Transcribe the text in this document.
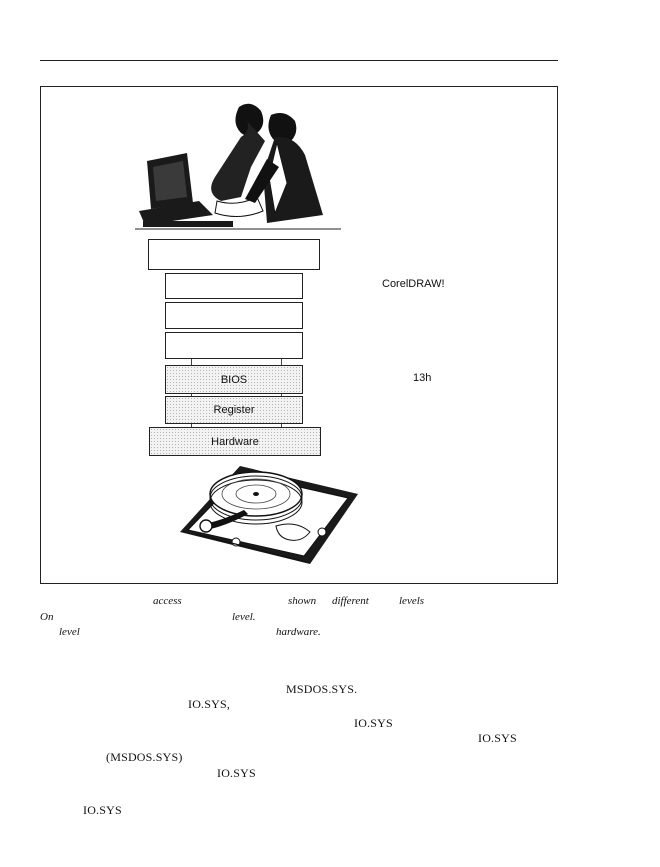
BIOS
Register
Hardware
CorelDRAW!
13h
access	shown different	levels
On	level.
level	hardware.
MSDOS.SYS.
IO.SYS,
IO.SYS
IO.SYS
(MSDOS.SYS)
IO.SYS
IO.SYS
